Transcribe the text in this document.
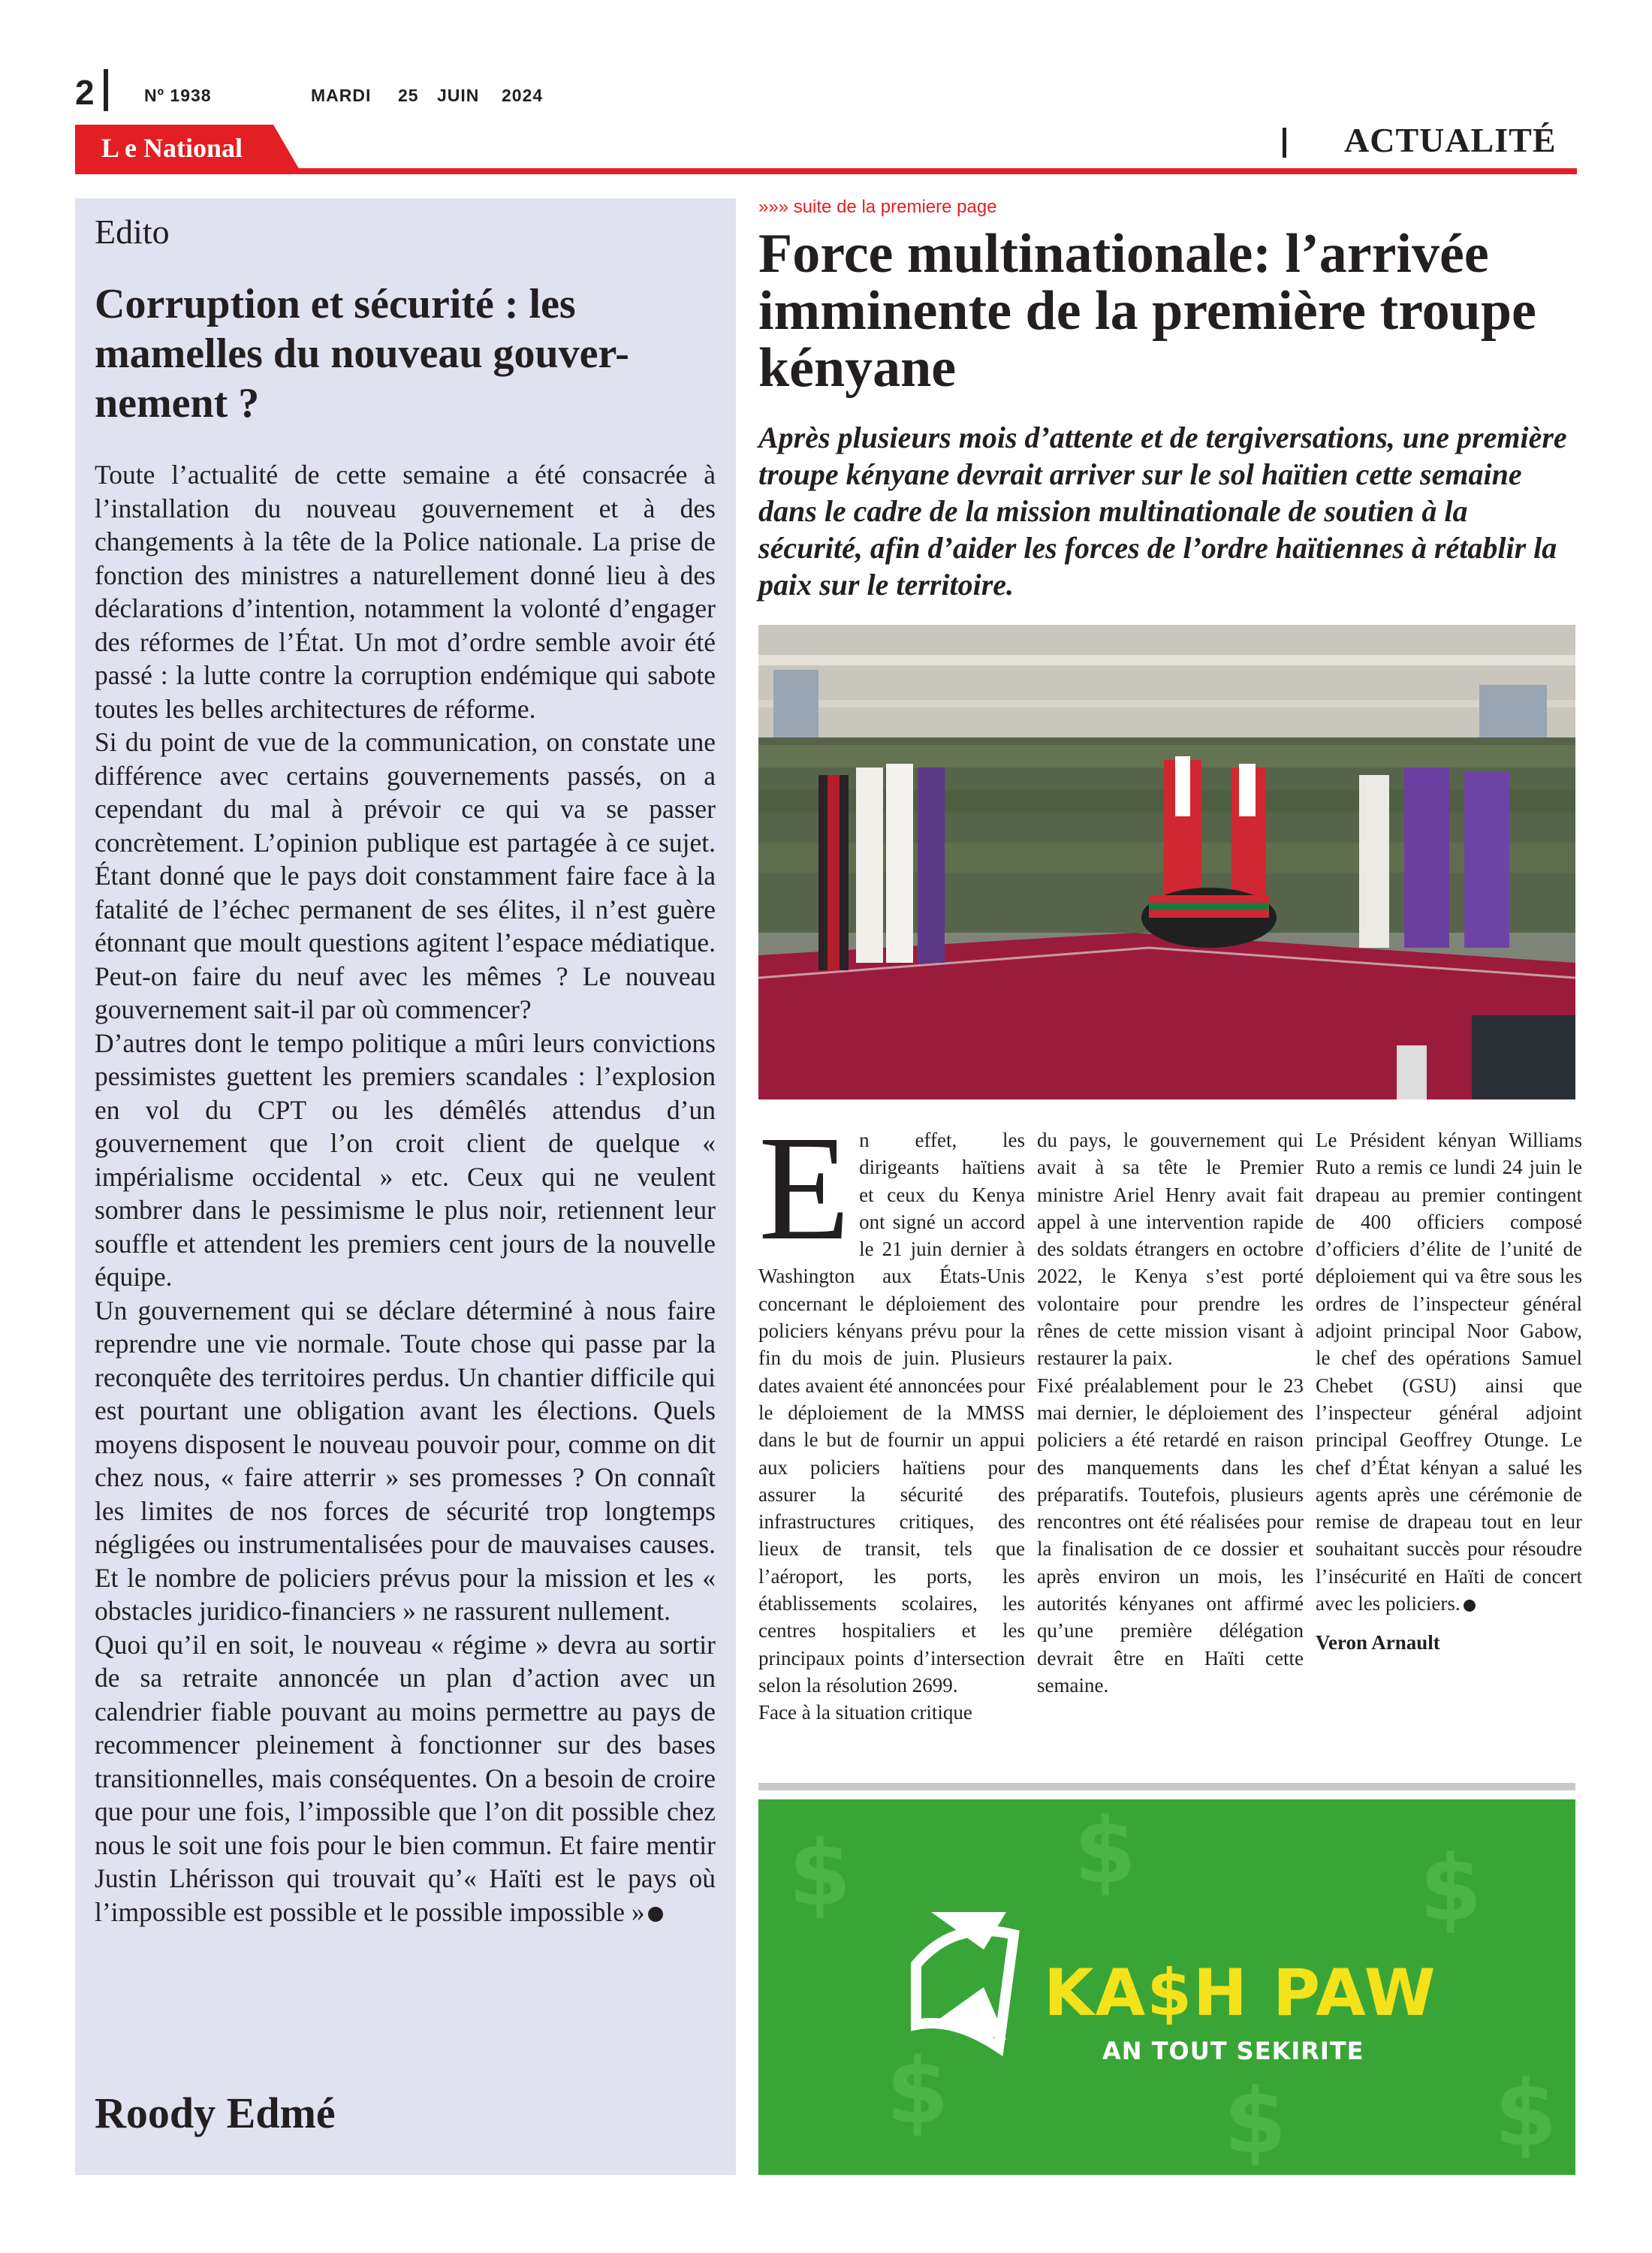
2	Nº 1938	MARDI 25 JUIN 2024
L e National	ACTUALITÉ
Edito
Corruption et sécurité : les mamelles du nouveau gouver-nement ?

Toute l’actualité de cette semaine a été consacrée à l’installation du nouveau gouvernement et à des changements à la tête de la Police nationale. La prise de fonction des ministres a naturellement donné lieu à des déclarations d’intention, notamment la volonté d’engager des réformes de l’État. Un mot d’ordre semble avoir été passé : la lutte contre la corruption endémique qui sabote toutes les belles architectures de réforme.

Si du point de vue de la communication, on constate une différence avec certains gouvernements passés, on a cependant du mal à prévoir ce qui va se passer concrètement. L’opinion publique est partagée à ce sujet. Étant donné que le pays doit constamment faire face à la fatalité de l’échec permanent de ses élites, il n’est guère étonnant que moult questions agitent l’espace médiatique. Peut-on faire du neuf avec les mêmes ? Le nouveau gouvernement sait-il par où commencer?

D’autres dont le tempo politique a mûri leurs convictions pessimistes guettent les premiers scandales : l’explosion en vol du CPT ou les démêlés attendus d’un gouvernement que l’on croit client de quelque « impérialisme occidental » etc. Ceux qui ne veulent sombrer dans le pessimisme le plus noir, retiennent leur souffle et attendent les premiers cent jours de la nouvelle équipe.

Un gouvernement qui se déclare déterminé à nous faire reprendre une vie normale. Toute chose qui passe par la reconquête des territoires perdus. Un chantier difficile qui est pourtant une obligation avant les élections. Quels moyens disposent le nouveau pouvoir pour, comme on dit chez nous, « faire atterrir » ses promesses ? On connaît les limites de nos forces de sécurité trop longtemps négligées ou instrumentalisées pour de mauvaises causes. Et le nombre de policiers prévus pour la mission et les « obstacles juridico-financiers » ne rassurent nullement.

Quoi qu’il en soit, le nouveau « régime » devra au sortir de sa retraite annoncée un plan d’action avec un calendrier fiable pouvant au moins permettre au pays de recommencer pleinement à fonctionner sur des bases transitionnelles, mais conséquentes. On a besoin de croire que pour une fois, l’impossible que l’on dit possible chez nous le soit une fois pour le bien commun. Et faire mentir Justin Lhérisson qui trouvait qu’« Haïti est le pays où l’impossible est possible et le possible impossible »

Roody Edmé
»»» suite de la premiere page
Force multinationale: l’arrivée imminente de la première troupe kényane
Après plusieurs mois d’attente et de tergiversations, une première troupe kényane devrait arriver sur le sol haïtien cette semaine dans le cadre de la mission multinationale de soutien à la sécurité, afin d’aider les forces de l’ordre haïtiennes à rétablir la paix sur le territoire.
E n effet, les dirigeants haïtiens et ceux du Kenya ont signé un accord le 21 juin dernier à Washington aux États-Unis concernant le déploiement des policiers kényans prévu pour la fin du mois de juin. Plusieurs dates avaient été annoncées pour le déploiement de la MMSS dans le but de fournir un appui aux policiers haïtiens pour assurer la sécurité des infrastructures critiques, des lieux de transit, tels que l’aéroport, les ports, les établissements scolaires, les centres hospitaliers et les principaux points d’intersection selon la résolution 2699.

Face à la situation critique

du pays, le gouvernement qui avait à sa tête le Premier ministre Ariel Henry avait fait appel à une intervention rapide des soldats étrangers en octobre 2022, le Kenya s’est porté volontaire pour prendre les rênes de cette mission visant à restaurer la paix.

Fixé préalablement pour le 23 mai dernier, le déploiement des policiers a été retardé en raison des manquements dans les préparatifs. Toutefois, plusieurs rencontres ont été réalisées pour la finalisation de ce dossier et après environ un mois, les autorités kényanes ont affirmé qu’une première délégation devrait être en Haïti cette semaine.

Le Président kényan Williams Ruto a remis ce lundi 24 juin le drapeau au premier contingent de 400 officiers composé d’officiers d’élite de l’unité de déploiement qui va être sous les ordres de l’inspecteur général adjoint principal Noor Gabow, le chef des opérations Samuel Chebet (GSU) ainsi que l’inspecteur général adjoint principal Geoffrey Otunge. Le chef d’État kényan a salué les agents après une cérémonie de remise de drapeau tout en leur souhaitant succès pour résoudre l’insécurité en Haïti de concert avec les policiers.

Veron Arnault

$
$
$
$
$
$
KA$H PAW
AN TOUT SEKIRITE
